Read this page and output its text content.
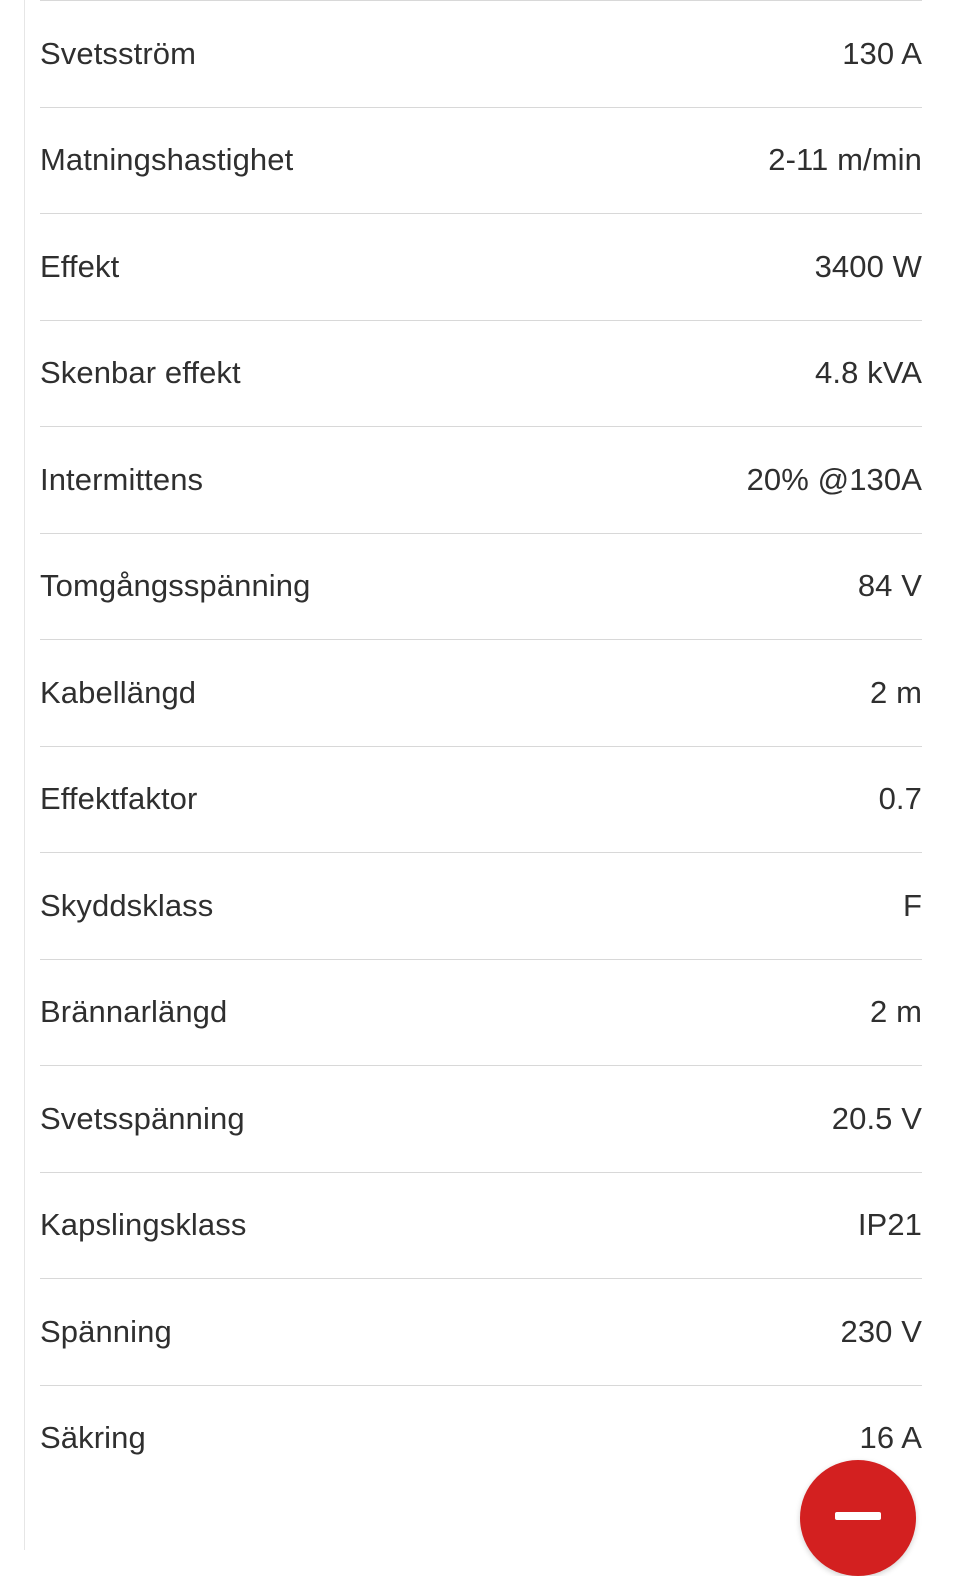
Svetsström	130 A
Matningshastighet	2-11 m/min
Effekt	3400 W
Skenbar effekt	4.8 kVA
Intermittens	20% @130A
Tomgångsspänning	84 V
Kabellängd	2 m
Effektfaktor	0.7
Skyddsklass	F
Brännarlängd	2 m
Svetsspänning	20.5 V
Kapslingsklass	IP21
Spänning	230 V
Säkring	16 A
